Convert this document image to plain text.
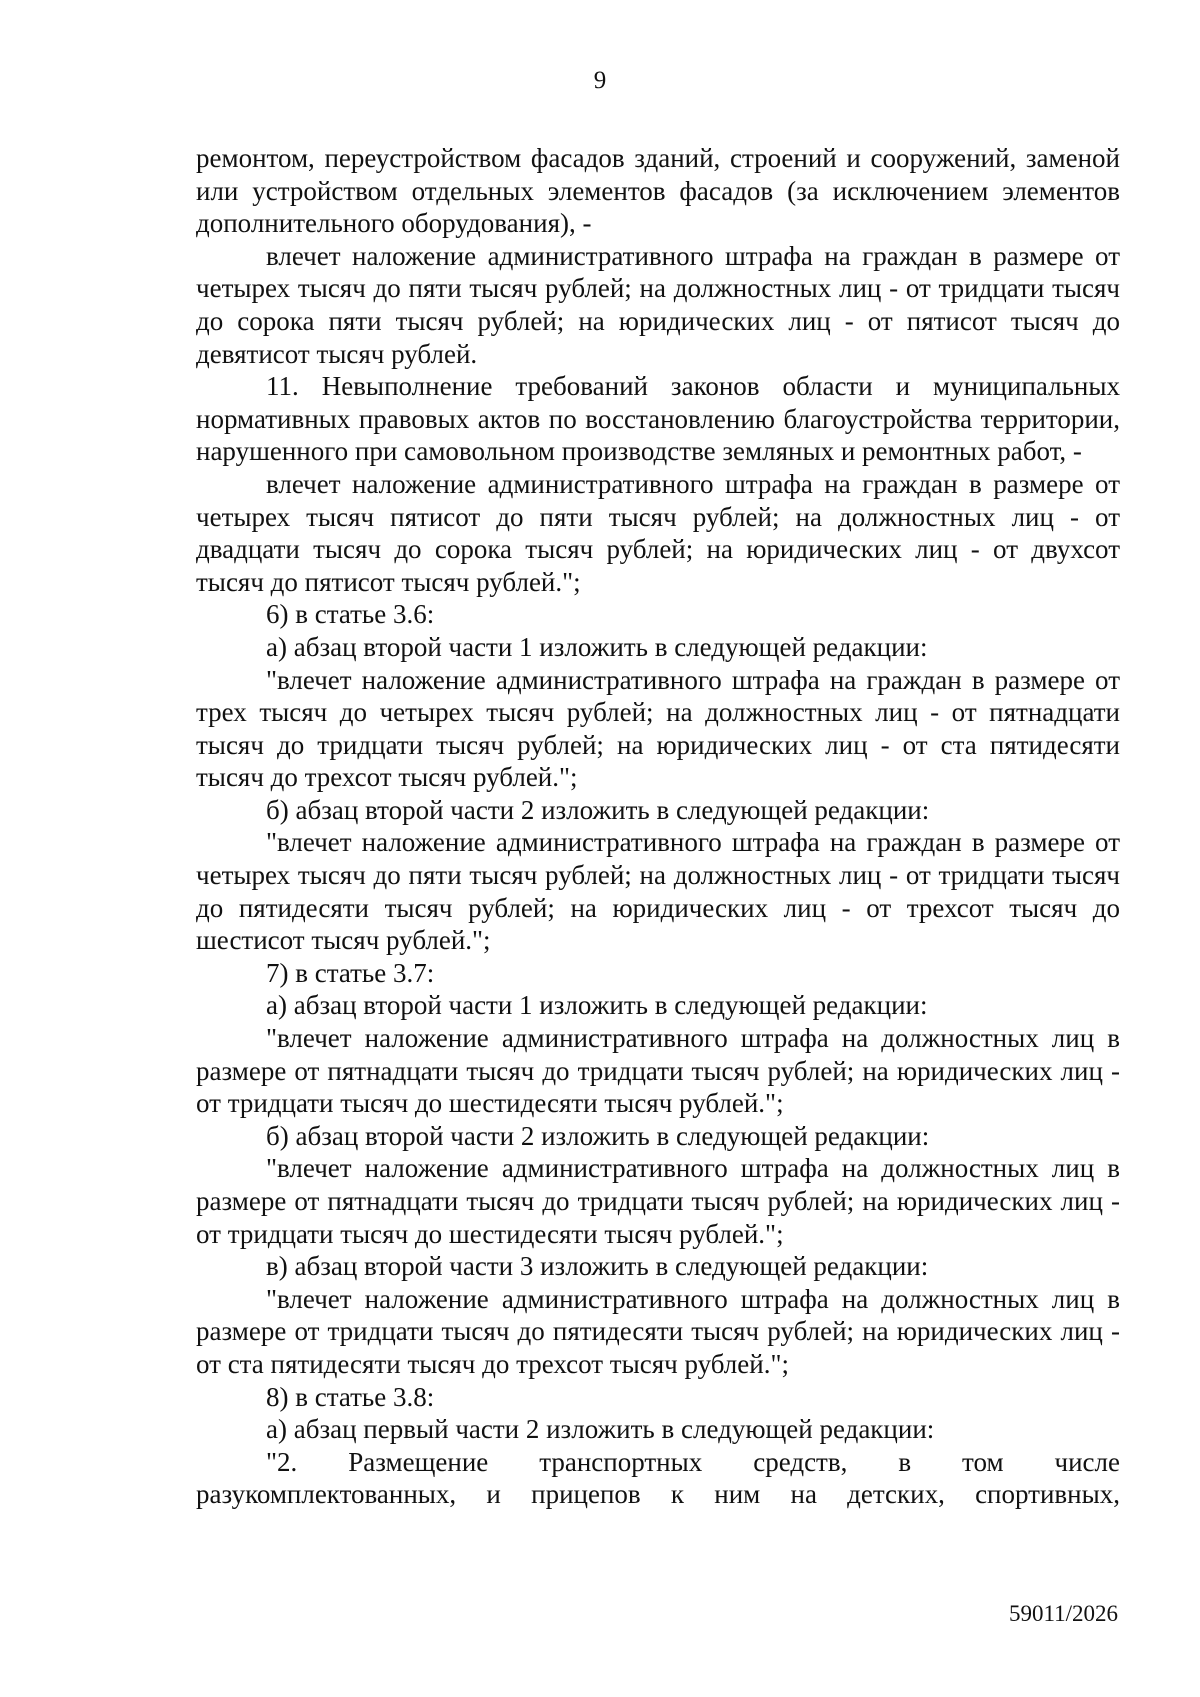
9

ремонтом, переустройством фасадов зданий, строений и сооружений, заменой или устройством отдельных элементов фасадов (за исключением элементов дополнительного оборудования), -

влечет наложение административного штрафа на граждан в размере от четырех тысяч до пяти тысяч рублей; на должностных лиц - от тридцати тысяч до сорока пяти тысяч рублей; на юридических лиц - от пятисот тысяч до девятисот тысяч рублей.

11. Невыполнение требований законов области и муниципальных нормативных правовых актов по восстановлению благоустройства территории, нарушенного при самовольном производстве земляных и ремонтных работ, -

влечет наложение административного штрафа на граждан в размере от четырех тысяч пятисот до пяти тысяч рублей; на должностных лиц - от двадцати тысяч до сорока тысяч рублей; на юридических лиц - от двухсот тысяч до пятисот тысяч рублей.";

6) в статье 3.6:

а) абзац второй части 1 изложить в следующей редакции:

"влечет наложение административного штрафа на граждан в размере от трех тысяч до четырех тысяч рублей; на должностных лиц - от пятнадцати тысяч до тридцати тысяч рублей; на юридических лиц - от ста пятидесяти тысяч до трехсот тысяч рублей.";

б) абзац второй части 2 изложить в следующей редакции:

"влечет наложение административного штрафа на граждан в размере от четырех тысяч до пяти тысяч рублей; на должностных лиц - от тридцати тысяч до пятидесяти тысяч рублей; на юридических лиц - от трехсот тысяч до шестисот тысяч рублей.";

7) в статье 3.7:

а) абзац второй части 1 изложить в следующей редакции:

"влечет наложение административного штрафа на должностных лиц в размере от пятнадцати тысяч до тридцати тысяч рублей; на юридических лиц - от тридцати тысяч до шестидесяти тысяч рублей.";

б) абзац второй части 2 изложить в следующей редакции:

"влечет наложение административного штрафа на должностных лиц в размере от пятнадцати тысяч до тридцати тысяч рублей; на юридических лиц - от тридцати тысяч до шестидесяти тысяч рублей.";

в) абзац второй части 3 изложить в следующей редакции:

"влечет наложение административного штрафа на должностных лиц в размере от тридцати тысяч до пятидесяти тысяч рублей; на юридических лиц - от ста пятидесяти тысяч до трехсот тысяч рублей.";

8) в статье 3.8:

а) абзац первый части 2 изложить в следующей редакции:

"2. Размещение транспортных средств, в том числе разукомплектованных, и прицепов к ним на детских, спортивных,

59011/2026
